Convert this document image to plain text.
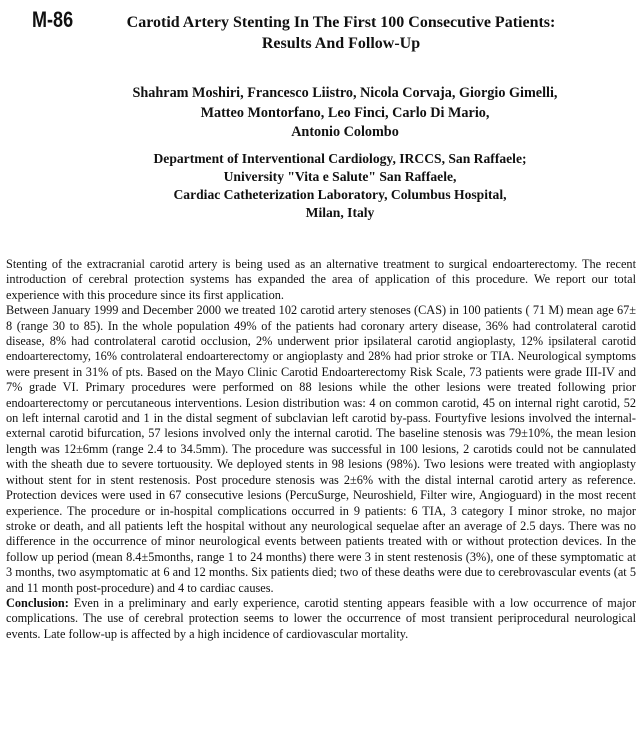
M-86	Carotid Artery Stenting In The First 100 Consecutive Patients:
Results And Follow-Up
Shahram Moshiri, Francesco Liistro, Nicola Corvaja, Giorgio Gimelli,
Matteo Montorfano, Leo Finci, Carlo Di Mario,
Antonio Colombo
Department of Interventional Cardiology, IRCCS, San Raffaele;
University "Vita e Salute" San Raffaele,
Cardiac Catheterization Laboratory, Columbus Hospital,
Milan, Italy

Stenting of the extracranial carotid artery is being used as an alternative treatment to surgical endoarterectomy. The recent introduction of cerebral protection systems has expanded the area of application of this procedure. We report our total experience with this procedure since its first application.

Between January 1999 and December 2000 we treated 102 carotid artery stenoses (CAS) in 100 patients ( 71 M) mean age 67± 8 (range 30 to 85). In the whole population 49% of the patients had coronary artery disease, 36% had controlateral carotid disease, 8% had controlateral carotid occlusion, 2% underwent prior ipsilateral carotid angioplasty, 12% ipsilateral carotid endoarterectomy, 16% controlateral endoarterectomy or angioplasty and 28% had prior stroke or TIA. Neurological symptoms were present in 31% of pts. Based on the Mayo Clinic Carotid Endoarterectomy Risk Scale, 73 patients were grade III-IV and 7% grade VI. Primary procedures were performed on 88 lesions while the other lesions were treated following prior endoarterectomy or percutaneous interventions. Lesion distribution was: 4 on common carotid, 45 on internal right carotid, 52 on left internal carotid and 1 in the distal segment of subclavian left carotid by-pass. Fourtyfive lesions involved the internal-external carotid bifurcation, 57 lesions involved only the internal carotid. The baseline stenosis was 79±10%, the mean lesion length was 12±6mm (range 2.4 to 34.5mm). The procedure was successful in 100 lesions, 2 carotids could not be cannulated with the sheath due to severe tortuousity. We deployed stents in 98 lesions (98%). Two lesions were treated with angioplasty without stent for in stent restenosis. Post procedure stenosis was 2±6% with the distal internal carotid artery as reference. Protection devices were used in 67 consecutive lesions (PercuSurge, Neuroshield, Filter wire, Angioguard) in the most recent experience. The procedure or in-hospital complications occurred in 9 patients: 6 TIA, 3 category I minor stroke, no major stroke or death, and all patients left the hospital without any neurological sequelae after an average of 2.5 days. There was no difference in the occurrence of minor neurological events between patients treated with or without protection devices. In the follow up period (mean 8.4±5months, range 1 to 24 months) there were 3 in stent restenosis (3%), one of these symptomatic at 3 months, two asymptomatic at 6 and 12 months. Six patients died; two of these deaths were due to cerebrovascular events (at 5 and 11 month post-procedure) and 4 to cardiac causes.

Conclusion: Even in a preliminary and early experience, carotid stenting appears feasible with a low occurrence of major complications. The use of cerebral protection seems to lower the occurrence of most transient periprocedural neurological events. Late follow-up is affected by a high incidence of cardiovascular mortality.
